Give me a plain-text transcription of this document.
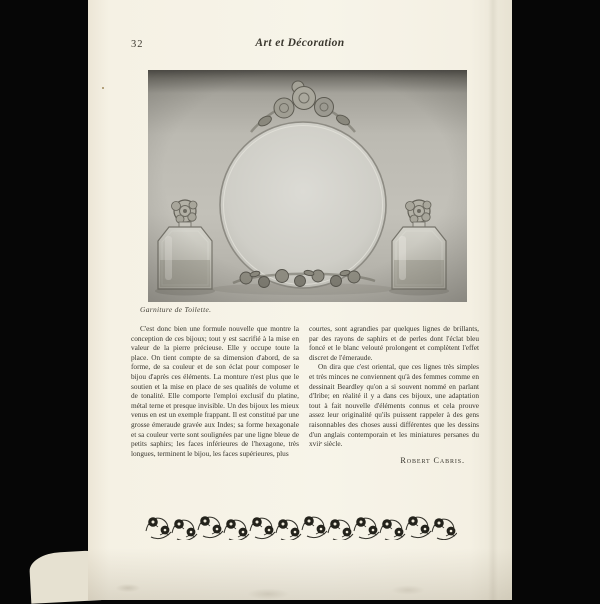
32	Art et Décoration
Garniture de Toilette.

C'est donc bien une formule nouvelle que montre la conception de ces bijoux; tout y est sacrifié à la mise en valeur de la pierre précieuse. Elle y occupe toute la place. On tient compte de sa dimension d'abord, de sa forme, de sa couleur et de son éclat pour composer le bijou d'après ces éléments. La monture n'est plus que le soutien et la mise en place de ses qualités de volume et de tonalité. Elle comporte l'emploi exclusif du platine, métal terne et presque invisible. Un des bijoux les mieux venus en est un exemple frappant. Il est constitué par une grosse émeraude gravée aux Indes; sa forme hexagonale et sa couleur verte sont soulignées par une ligne bleue de petits saphirs; les faces inférieures de l'hexagone, très longues, terminent le bijou, les faces supérieures, plus

courtes, sont agrandies par quelques lignes de brillants, par des rayons de saphirs et de perles dont l'éclat bleu foncé et le blanc velouté prolongent et complètent l'effet discret de l'émeraude.

On dira que c'est oriental, que ces lignes très simples et très minces ne conviennent qu'à des femmes comme en dessinait Beardley qu'on a si souvent nommé en parlant d'Iribe; en réalité il y a dans ces bijoux, une adaptation tout à fait nouvelle d'éléments connus et cela prouve assez leur originalité qu'ils puissent rappeler à des gens raisonnables des choses aussi différentes que les dessins d'un anglais contemporain et les miniatures persanes du xviiᵉ siècle.

Robert Cabris.
